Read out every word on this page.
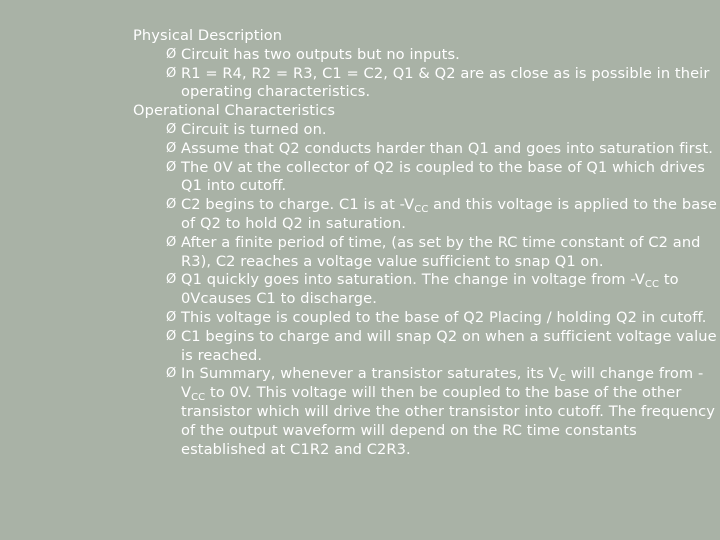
Physical Description

Ø Circuit has two outputs but no inputs.

Ø R1 = R4, R2 = R3, C1 = C2, Q1 & Q2 are as close as is possible in their operating characteristics.

Operational Characteristics

Ø Circuit is turned on.

Ø Assume that Q2 conducts harder than Q1 and goes into saturation first.

Ø The 0V at the collector of Q2 is coupled to the base of Q1 which drives Q1 into cutoff.

Ø C2 begins to charge. C1 is at $-V_{CC}$ and this voltage is applied to the base of Q2 to hold Q2 in saturation.

Ø After a finite period of time, (as set by the RC time constant of C2 and R3), C2 reaches a voltage value sufficient to snap Q1 on.

Ø Q1 quickly goes into saturation. The change in voltage from $-V_{CC}$ to 0Vcauses C1 to discharge.

Ø This voltage is coupled to the base of Q2 Placing / holding Q2 in cutoff.

Ø C1 begins to charge and will snap Q2 on when a sufficient voltage value is reached.

Ø In Summary, whenever a transistor saturates, its $V_C$ will change from $-V_{CC}$ to 0V. This voltage will then be coupled to the base of the other transistor which will drive the other transistor into cutoff. The frequency of the output waveform will depend on the RC time constants established at C1R2 and C2R3.
